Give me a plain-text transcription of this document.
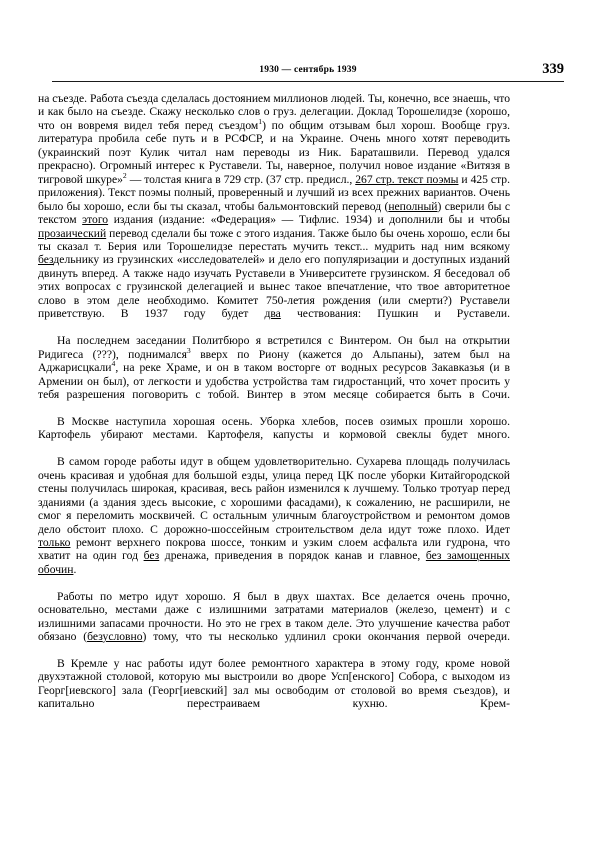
1930 — сентябрь 1939	339

на съезде. Работа съезда сделалась достоянием миллионов людей. Ты, конечно, все знаешь, что и как было на съезде. Скажу несколько слов о груз. делегации. Доклад Торошелидзе (хорошо, что он вовремя видел тебя перед съездом$^1$) по общим отзывам был хорош. Вообще груз. литература пробила себе путь и в РСФСР, и на Украине. Очень много хотят переводить (украинский поэт Кулик читал нам переводы из Ник. Бараташвили. Перевод удался прекрасно). Огромный интерес к Руставели. Ты, наверное, получил новое издание «Витязя в тигровой шкуре»$^2$ — толстая книга в 729 стр. (37 стр. предисл., 267 стр. текст поэмы и 425 стр. приложения). Текст поэмы полный, проверенный и лучший из всех прежних вариантов. Очень было бы хорошо, если бы ты сказал, чтобы бальмонтовский перевод (неполный) сверили бы с текстом этого издания (издание: «Федерация» — Тифлис. 1934) и дополнили бы и чтобы прозаический перевод сделали бы тоже с этого издания. Также было бы очень хорошо, если бы ты сказал т. Берия или Торошелидзе перестать мучить текст... мудрить над ним всякому бездельнику из грузинских «исследователей» и дело его популяризации и доступных изданий двинуть вперед. А также надо изучать Руставели в Университете грузинском. Я беседовал об этих вопросах с грузинской делегацией и вынес такое впечатление, что твое авторитетное слово в этом деле необходимо. Комитет 750-летия рождения (или смерти?) Руставели приветствую. В 1937 году будет два чествования: Пушкин и Руставели.

На последнем заседании Политбюро я встретился с Винтером. Он был на открытии Ридигеса (???), поднимался$^3$ вверх по Риону (кажется до Альпаны), затем был на Аджарисцкали$^4$, на реке Храме, и он в таком восторге от водных ресурсов Закавказья (и в Армении он был), от легкости и удобства устройства там гидростанций, что хочет просить у тебя разрешения поговорить с тобой. Винтер в этом месяце собирается быть в Сочи.

В Москве наступила хорошая осень. Уборка хлебов, посев озимых прошли хорошо. Картофель убирают местами. Картофеля, капусты и кормовой свеклы будет много.

В самом городе работы идут в общем удовлетворительно. Сухарева площадь получилась очень красивая и удобная для большой езды, улица перед ЦК после уборки Китайгородской стены получилась широкая, красивая, весь район изменился к лучшему. Только тротуар перед зданиями (а здания здесь высокие, с хорошими фасадами), к сожалению, не расширили, не смог я переломить москвичей. С остальным уличным благоустройством и ремонтом домов дело обстоит плохо. С дорожно-шоссейным строительством дела идут тоже плохо. Идет только ремонт верхнего покрова шоссе, тонким и узким слоем асфальта или гудрона, что хватит на один год без дренажа, приведения в порядок канав и главное, без замощенных обочин.

Работы по метро идут хорошо. Я был в двух шахтах. Все делается очень прочно, основательно, местами даже с излишними затратами материалов (железо, цемент) и с излишними запасами прочности. Но это не грех в таком деле. Это улучшение качества работ обязано (безусловно) тому, что ты несколько удлинил сроки окончания первой очереди.

В Кремле у нас работы идут более ремонтного характера в этому году, кроме новой двухэтажной столовой, которую мы выстроили во дворе Усп[енского] Собора, с выходом из Георг[иевского] зала (Георг[иевский] зал мы освободим от столовой во время съездов), и капитально перестраиваем кухню. Крем-
